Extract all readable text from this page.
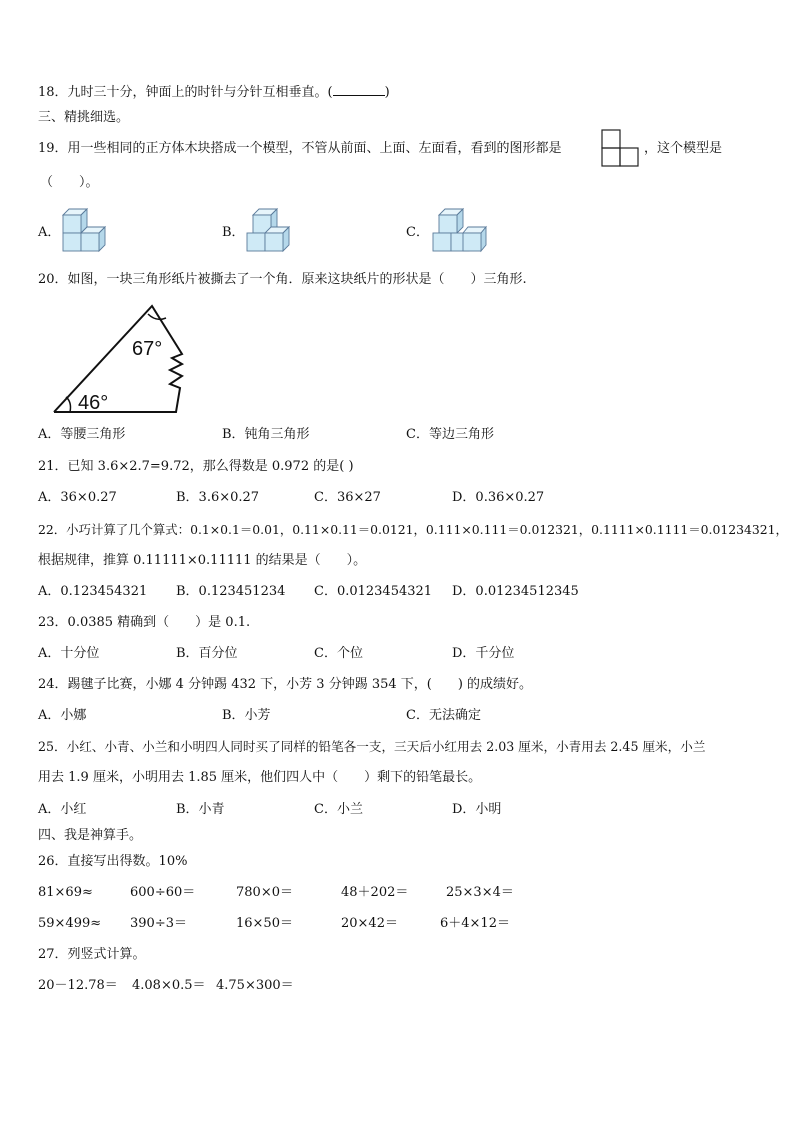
18．九时三十分，钟面上的时针与分针互相垂直。(	)
三、精挑细选。
19．用一些相同的正方体木块搭成一个模型，不管从前面、上面、左面看，看到的图形都是	，这个模型是
（　　）。
A．	B．	C．
20．如图，一块三角形纸片被撕去了一个角．原来这块纸片的形状是（　　）三角形.
67°
46°
A．等腰三角形	B．钝角三角形	C．等边三角形
21．已知 3.6×2.7=9.72，那么得数是 0.972 的是( )
A．36×0.27	B．3.6×0.27	C．36×27	D．0.36×0.27
22．小巧计算了几个算式：0.1×0.1＝0.01，0.11×0.11＝0.0121，0.111×0.111＝0.012321，0.1111×0.1111＝0.01234321，
根据规律，推算 0.11111×0.11111 的结果是（　　）。
A．0.123454321 B．0.123451234 C．0.0123454321 D．0.01234512345
23．0.0385 精确到（　　）是 0.1.
A．十分位	B．百分位	C．个位	D．千分位
24．踢毽子比赛，小娜 4 分钟踢 432 下，小芳 3 分钟踢 354 下，(　　) 的成绩好。
A．小娜	B．小芳	C．无法确定
25．小红、小青、小兰和小明四人同时买了同样的铅笔各一支，三天后小红用去 2.03 厘米，小青用去 2.45 厘米，小兰
用去 1.9 厘米，小明用去 1.85 厘米，他们四人中（　　）剩下的铅笔最长。
A．小红	B．小青	C．小兰	D．小明
四、我是神算手。
26．直接写出得数。10%
81×69≈	600÷60＝	780×0＝	48＋202＝	25×3×4＝
59×499≈ 390÷3＝	16×50＝	20×42＝	6＋4×12＝
27．列竖式计算。
20－12.78＝ 4.08×0.5＝ 4.75×300＝
